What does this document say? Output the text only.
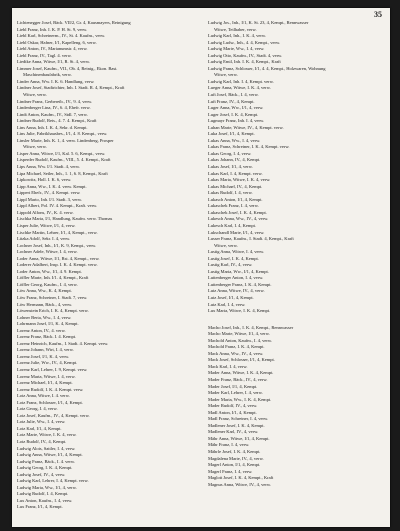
35
Lichtenegger Josef, Bäck. VII/2, Gr. 4, Kausmayers, Reinigung
Liebl Franz, Inh. I. K. P. H. St. 9, verw.
Liebl Karl, Schreinerm., IV., St. 4. Kaufm., verw.
Liebl Oskar, Hafner, I/1, Kapelleng. 6, verw.
Liebl Anton, IV., Marianumstr. 4, verw.
Liebl Franz, IV., Tagl. 4. verw.
Liedtke Anna, Witwe, I/1, R. St. 4, verw.
Limmer Josef, Kaufm., VII., Ob. 4, Reinig., Ekon. Bast.
Maschinenbaufabrik, verw.
Linder Anna, Ww. I. K. 6. Handlung, verw.
Lindner Josef, Stadtrichter, Inh. I. Stadt. R. 4, Kempt., Kraft
Witwe, verw.
Lindner Franz, Gerbereib., IV., 9. 4, verw.
Lindenberger Lina, IV., 6. 4, Ehefr. verw.
Lindt Anton, Kaufm., IV., Stdl. 7, verw.
Lindner Rudolf, Reis., 4. 7. 4. Kempt., Kraft
Lins Anna, Inh. I. K. 4, Sekr. d. Kempt.
Lins Julie, Fabrikhausbes., I/1, 4. 8. Kempt., verw.
Linsler Marie, Inh. K. 1, 4. verw. Lindenberg, Prosper
Witwe, verw.
Lisper Anna, Witwe, I/1, Kal. 5. 6, Kempt., verw.
Lisperder Rudolf, Kaufm., VIII., 5. 4. Kempt., Kraft
Lips Anna, Ww. I/1. Stadt. 4, verw.
Lipa Michael, Seiler, Inh., 1. 1, 6. 8, Kempt., Kraft
Lipkowitz, Holl. I. K. 6, verw.
Lipp Anna, Ww., I. K. 4. verw. Kempt.
Lippert Ehefr., IV., 4. Kempt. verw.
Lippl Mario, Inh. I/1. Stadt. 3, verw.
Lippl Albert, Pol. IV. 4. Kempt., Kraft. verw.
Lippold Alfons, IV., K. 4. verw.
Lischka Maria, I/1, Handlung, Kaufm. verw. Thomas
Lisper Julie, Witwe, I/1, 4, verw.
Lischke Martin, Lehrer, I/1, 4, Kempt., verw.
Litzka Adolf, Sekr. I. 4, verw.
Lochner Josef, Inh., I/1, K. 9, Kempt., verw.
Lochner Adele, Witwe, I. 4, verw.
Loder Anna, Witwe, I/1, Rst. 4, Kempt., verw.
Loderer Adalbert, Insp. I. K. 4. Kempt. verw.
Loder Anton, Ww., I/1, 4. 9. Kempt.
Löffler Marie, Inh. I/1. 4, Kempt., Kraft
Löffler Georg, Kaufm., I. 4, verw.
Löw Anna, Ww., K. 4, Kempt.
Löw Franz, Schreiner, I. Stadt. 7, verw.
Löw Hermann, Bäck., 4, verw.
Löwenstein Erich, I. K. 4, Kempt. verw.
Lohner Berta, Ww., I. 4, verw.
Lohrmann Josef, I/1, K. 4, Kempt.
Lorenz Anton, IV., 4. verw.
Lorenz Franz, Bäck. I. 4. Kempt.
Lorenz Heinrich, Kaufm., I. Stadt. 4. Kempt. verw.
Lorenz Johann, Wirt, I. 4, verw.
Lorenz Josef, I/1, K. 4, verw.
Lorenz Julie, Ww., IV., 4, Kempt.
Lorenz Karl, Lehrer, I. 9, Kempt. verw.
Lorenz Maria, Witwe, I. 4, verw.
Lorenz Michael, I/1, 4, Kempt.
Lorenz Rudolf, I. K. 4. Kempt. verw.
Lotz Anna, Witwe, I. 4. verw.
Lotz Franz, Schlosser, I/1, 4, Kempt.
Lotz Georg, I. 4, verw.
Lotz Josef, Kaufm., IV., 4, Kempt. verw.
Lotz Julie, Ww., I. 4, verw.
Lotz Karl, I/1, 4, Kempt.
Lotz Marie, Witwe, I. K. 4, verw.
Lotz Rudolf, IV., 4, Kempt.
Ludwig Alois, Sattler, I. 4, verw.
Ludwig Anna, Witwe, I/1, 4, Kempt.
Ludwig Franz, Bäck., I. 4. verw.
Ludwig Georg, I. K. 4, Kempt.
Ludwig Josef, IV., 4, verw.
Ludwig Karl, Lehrer, I. 4, Kempt. verw.
Ludwig Maria, Ww., I/1, 4, verw.
Ludwig Rudolf, I. 4, Kempt.
Lux Anton, Kaufm., I. 4, verw.
Lux Franz, I/1, 4, Kempt.
Ludwig Jos., Inh., I/1, K. St. 23, 4, Kempt., Rennwasser
Witwe, Teilhaber, verw.
Ludwig Karl, Inh., I. K. 4, verw.
Ludwig Ludw., Inh., 4. 4, Kempt., verw.
Ludwig Marie, Ww., I. 4, verw.
Ludwig Otto, Kaufm., IV., Stadt. 4, verw.
Ludwig Emil, Inh. I. K. 4, Kempt., Kraft
Ludwig Franz, Schlosser, I/1, 4. 4, Kempt., Holzwaren, Wohnung
Witwe, verw.
Ludwig Karl, Inh. I. 4, Kempt. verw.
Lueger Anna, Witwe, I. K. 4, verw.
Luft Josef, Bäck., I. 4, verw.
Luft Franz, IV., 4, Kempt.
Luger Anna, Ww., I/1, 4, verw.
Luger Josef, I. K. 4, Kempt.
Lugmayr Franz, Inh. I. 4, verw.
Luhan Marie, Witwe, IV., 4, Kempt. verw.
Luka Josef, I/1, 4, Kempt.
Lukas Anna, Ww., I. 4, verw.
Lukas Franz, Schreiner, I. K. 4, Kempt. verw.
Lukas Georg, I. 4, verw.
Lukas Johann, IV., 4, Kempt.
Lukas Josef, I/1, 4, verw.
Lukas Karl, I. 4, Kempt. verw.
Lukas Maria, Witwe, I. K. 4, verw.
Lukas Michael, IV., 4, Kempt.
Lukas Rudolf, I. 4, verw.
Lukasch Anton, I/1, 4, Kempt.
Lukaschek Franz, I. 4, verw.
Lukaschek Josef, I. K. 4, Kempt.
Lukesch Anna, Ww., IV., 4, verw.
Lukesch Karl, I. 4, Kempt.
Lukschandl Marie, I/1, 4, verw.
Lusser Franz, Kaufm., I. Stadt. 4, Kempt., Kraft
Witwe, verw.
Lustig Anna, Witwe, I. 4, verw.
Lustig Josef, I. K. 4, Kempt.
Lustig Karl, IV., 4, verw.
Lustig Maria, Ww., I/1, 4, Kempt.
Luttenberger Anton, I. 4, verw.
Luttenberger Franz, I. K. 4, Kempt.
Lutz Anna, Witwe, IV., 4, verw.
Lutz Josef, I/1, 4, Kempt.
Lutz Karl, I. 4, verw.
Lux Maria, Witwe, I. K. 4, Kempt.
Macho Josef, Inh., I. K. 4, Kempt., Rennwasser
Macho Marie, Witwe, I/1, 4, verw.
Machold Anton, Kaufm., I. 4, verw.
Machold Franz, I. K. 4, Kempt.
Mack Anna, Ww., IV., 4, verw.
Mack Josef, Schlosser, I/1, 4, Kempt.
Mack Karl, I. 4, verw.
Mader Anna, Witwe, I. K. 4, Kempt.
Mader Franz, Bäck., IV., 4, verw.
Mader Josef, I/1, 4, Kempt.
Mader Karl, Lehrer, I. 4, verw.
Mader Maria, Ww., I. K. 4, Kempt.
Mader Rudolf, IV., 4, verw.
Madl Anton, I/1, 4, Kempt.
Madl Franz, Schreiner, I. 4, verw.
Madlener Josef, I. K. 4, Kempt.
Madlener Karl, IV., 4, verw.
Mähr Anna, Witwe, I/1, 4, Kempt.
Mähr Franz, I. 4, verw.
Mährle Josef, I. K. 4, Kempt.
Magdalena Marie, IV., 4, verw.
Magerl Anton, I/1, 4, Kempt.
Magerl Franz, I. 4, verw.
Maglott Josef, I. K. 4, Kempt., Kraft
Magnus Anna, Witwe, IV., 4, verw.
